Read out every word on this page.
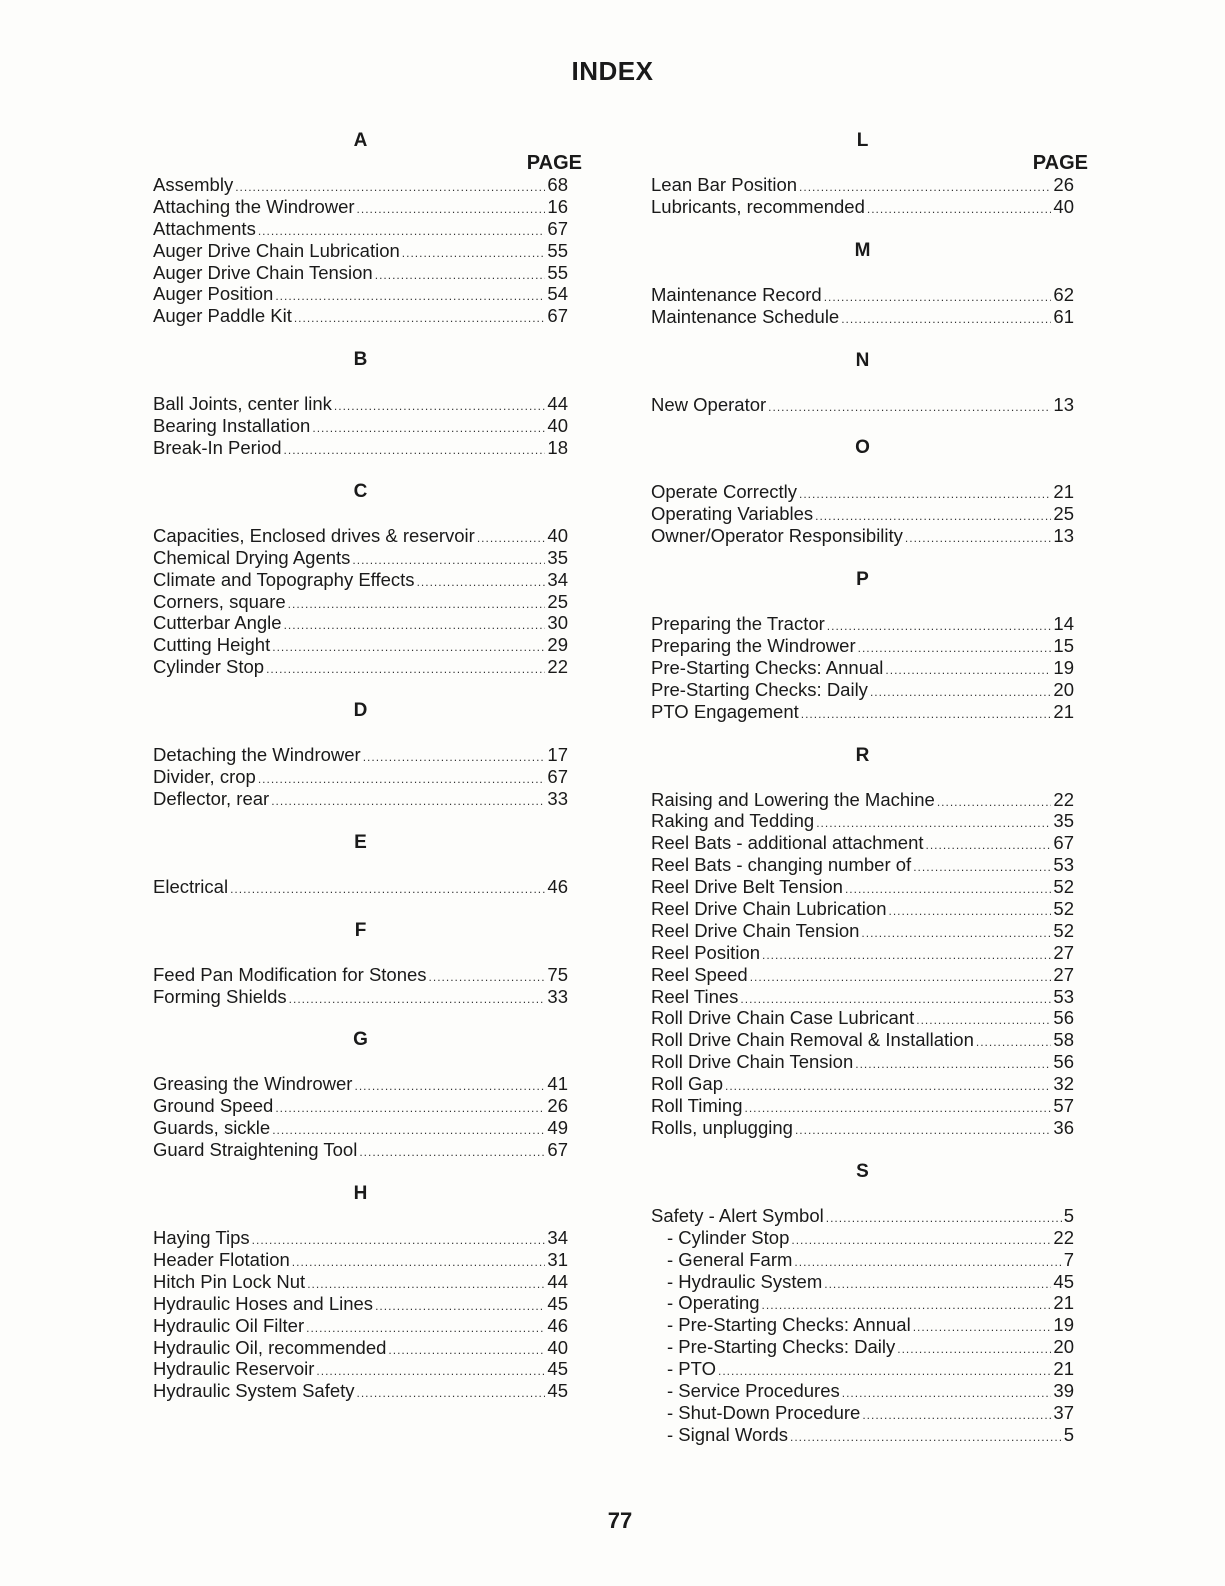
INDEX
A
PAGE
Assembly .....	68
Attaching the Windrower .....	16
Attachments .....	67
Auger Drive Chain Lubrication .....	55
Auger Drive Chain Tension .....	55
Auger Position .....	54
Auger Paddle Kit .....	67
B
Ball Joints, center link .....	44
Bearing Installation .....	40
Break-In Period .....	18
C
Capacities, Enclosed drives & reservoir .....	40
Chemical Drying Agents .....	35
Climate and Topography Effects .....	34
Corners, square .....	25
Cutterbar Angle .....	30
Cutting Height .....	29
Cylinder Stop .....	22
D
Detaching the Windrower .....	17
Divider, crop .....	67
Deflector, rear .....	33
E
Electrical .....	46
F
Feed Pan Modification for Stones .....	75
Forming Shields .....	33
G
Greasing the Windrower .....	41
Ground Speed .....	26
Guards, sickle .....	49
Guard Straightening Tool .....	67
H
Haying Tips .....	34
Header Flotation .....	31
Hitch Pin Lock Nut .....	44
Hydraulic Hoses and Lines .....	45
Hydraulic Oil Filter .....	46
Hydraulic Oil, recommended .....	40
Hydraulic Reservoir .....	45
Hydraulic System Safety .....	45
L
PAGE
Lean Bar Position .....	26
Lubricants, recommended .....	40
M
Maintenance Record .....	62
Maintenance Schedule .....	61
N
New Operator .....	13
O
Operate Correctly .....	21
Operating Variables .....	25
Owner/Operator Responsibility .....	13
P
Preparing the Tractor .....	14
Preparing the Windrower .....	15
Pre-Starting Checks: Annual .....	19
Pre-Starting Checks: Daily .....	20
PTO Engagement .....	21
R
Raising and Lowering the Machine .....	22
Raking and Tedding .....	35
Reel Bats - additional attachment .....	67
Reel Bats - changing number of .....	53
Reel Drive Belt Tension .....	52
Reel Drive Chain Lubrication .....	52
Reel Drive Chain Tension .....	52
Reel Position .....	27
Reel Speed .....	27
Reel Tines .....	53
Roll Drive Chain Case Lubricant .....	56
Roll Drive Chain Removal & Installation .....	58
Roll Drive Chain Tension .....	56
Roll Gap .....	32
Roll Timing .....	57
Rolls, unplugging .....	36
S
Safety - Alert Symbol .....	5
- Cylinder Stop .....	22
- General Farm .....	7
- Hydraulic System .....	45
- Operating .....	21
- Pre-Starting Checks: Annual .....	19
- Pre-Starting Checks: Daily .....	20
- PTO .....	21
- Service Procedures .....	39
- Shut-Down Procedure .....	37
- Signal Words .....	5
77
